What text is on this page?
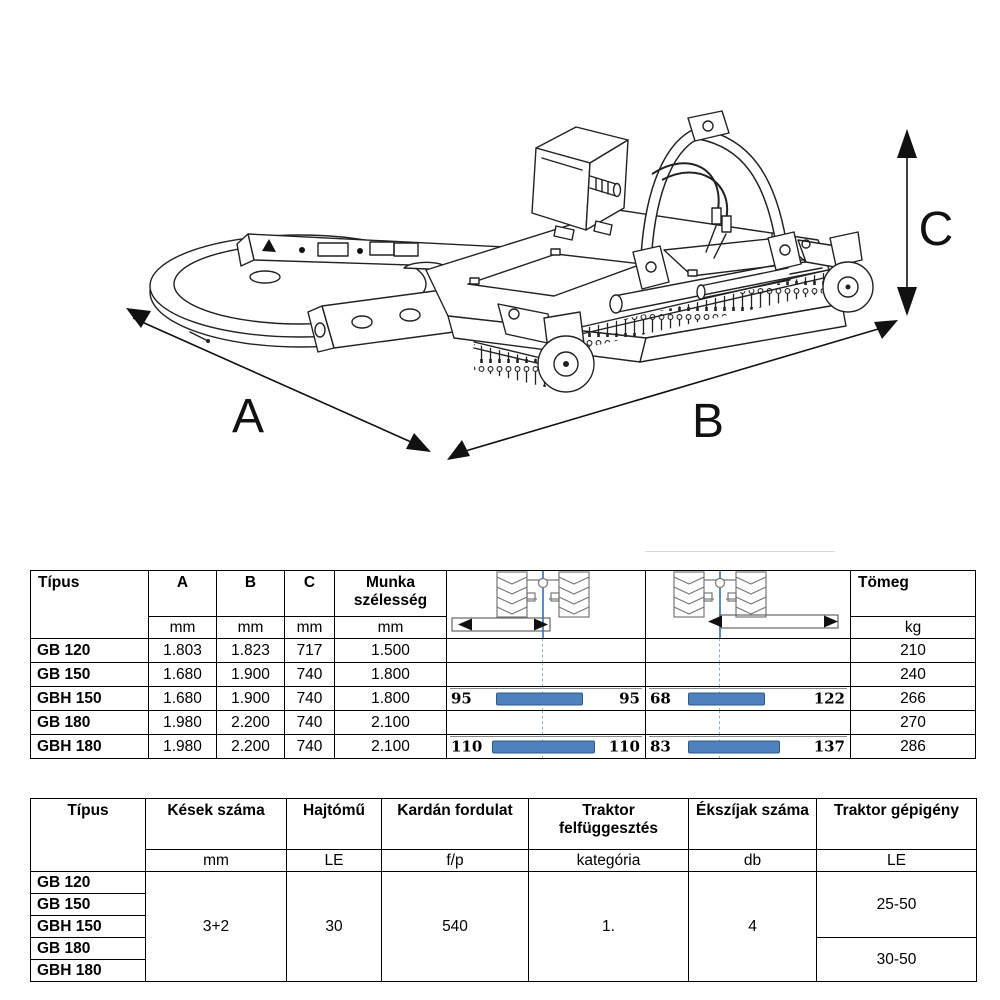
A	B
C
Típus	A	B	C	Munka szélesség			Tömeg
	mm	mm	mm	mm			kg
GB 120	1.803	1.823	717	1.500			210
GB 150	1.680	1.900	740	1.800			240
GBH 150	1.680	1.900	740	1.800	95 95	68 122	266
GB 180	1.980	2.200	740	2.100			270
GBH 180	1.980	2.200	740	2.100	110 110	83 137	286
Típus	Kések száma	Hajtómű	Kardán fordulat	Traktor felfüggesztés	Ékszíjak száma	Traktor gépigény
	mm	LE	f/p	kategória	db	LE
GB 120	3+2	30	540	1.	4	25-50
GB 150						
GBH 150						
GB 180						30-50
GBH 180						
